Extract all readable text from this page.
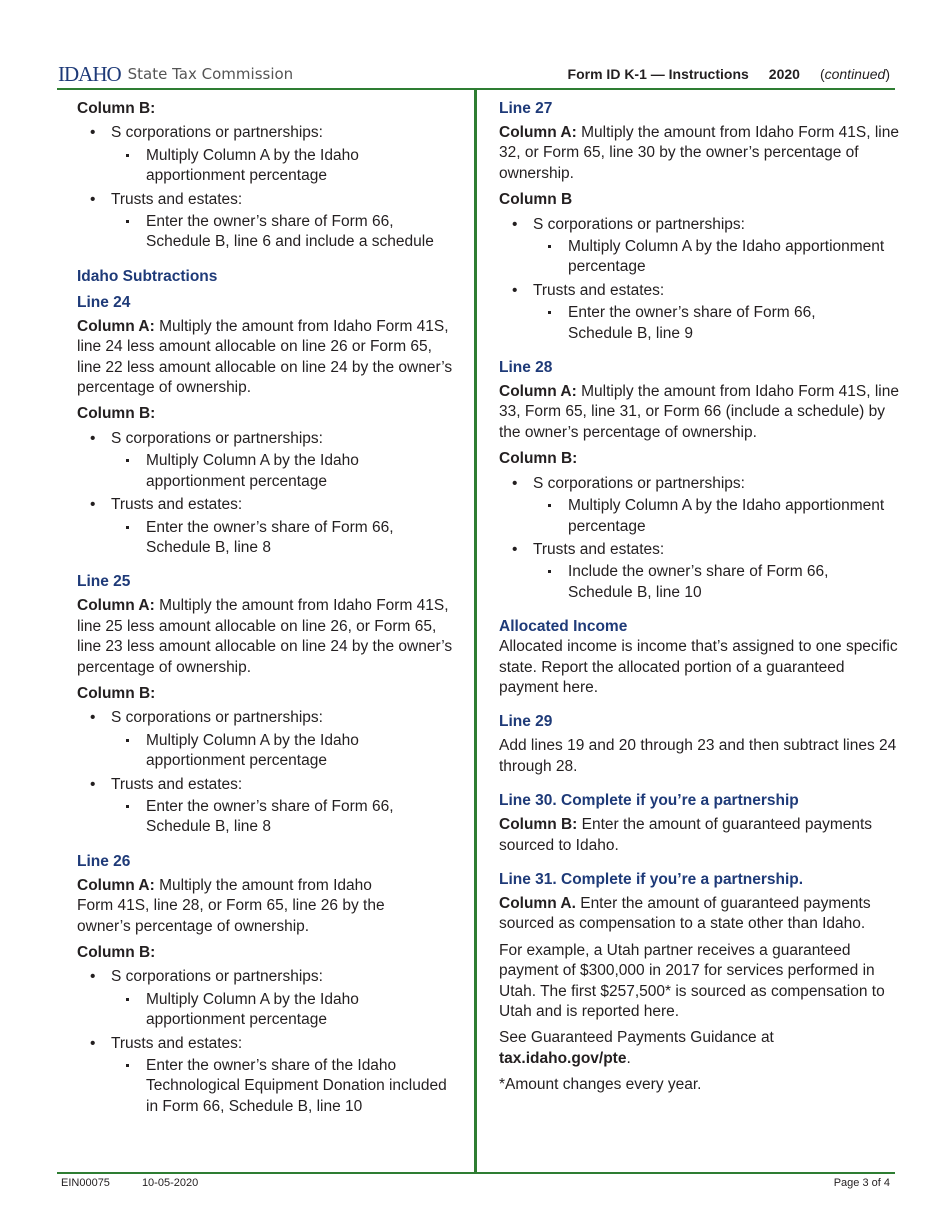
IDAHO State Tax Commission	Form ID K-1 — Instructions 2020 (continued)
Column B:
• S corporations or partnerships:
Multiply Column A by the Idaho apportionment percentage
• Trusts and estates:
Enter the owner’s share of Form 66, Schedule B, line 6 and include a schedule
Idaho Subtractions
Line 24

Column A: Multiply the amount from Idaho Form 41S, line 24 less amount allocable on line 26 or Form 65, line 22 less amount allocable on line 24 by the owner’s percentage of ownership.

Column B:
• S corporations or partnerships:
Multiply Column A by the Idaho apportionment percentage
• Trusts and estates:
Enter the owner’s share of Form 66, Schedule B, line 8
Line 25

Column A: Multiply the amount from Idaho Form 41S, line 25 less amount allocable on line 26, or Form 65, line 23 less amount allocable on line 24 by the owner’s percentage of ownership.

Column B:
• S corporations or partnerships:
Multiply Column A by the Idaho apportionment percentage
• Trusts and estates:
Enter the owner’s share of Form 66, Schedule B, line 8
Line 26

Column A: Multiply the amount from Idaho Form 41S, line 28, or Form 65, line 26 by the owner’s percentage of ownership.

Column B:
• S corporations or partnerships:
Multiply Column A by the Idaho apportionment percentage
• Trusts and estates:
Enter the owner’s share of the Idaho Technological Equipment Donation included in Form 66, Schedule B, line 10
Line 27

Column A: Multiply the amount from Idaho Form 41S, line 32, or Form 65, line 30 by the owner’s percentage of ownership.

Column B
• S corporations or partnerships:
Multiply Column A by the Idaho apportionment percentage
• Trusts and estates:
Enter the owner’s share of Form 66, Schedule B, line 9
Line 28

Column A: Multiply the amount from Idaho Form 41S, line 33, Form 65, line 31, or Form 66 (include a schedule) by the owner’s percentage of ownership.

Column B:
• S corporations or partnerships:
Multiply Column A by the Idaho apportionment percentage
• Trusts and estates:
Include the owner’s share of Form 66, Schedule B, line 10
Allocated Income

Allocated income is income that’s assigned to one specific state. Report the allocated portion of a guaranteed payment here.

Line 29

Add lines 19 and 20 through 23 and then subtract lines 24 through 28.

Line 30. Complete if you’re a partnership

Column B: Enter the amount of guaranteed payments sourced to Idaho.

Line 31. Complete if you’re a partnership.

Column A. Enter the amount of guaranteed payments sourced as compensation to a state other than Idaho.

For example, a Utah partner receives a guaranteed payment of $300,000 in 2017 for services performed in Utah. The first $257,500* is sourced as compensation to Utah and is reported here.

See Guaranteed Payments Guidance at
tax.idaho.gov/pte.

*Amount changes every year.

EIN00075	10-05-2020	Page 3 of 4
